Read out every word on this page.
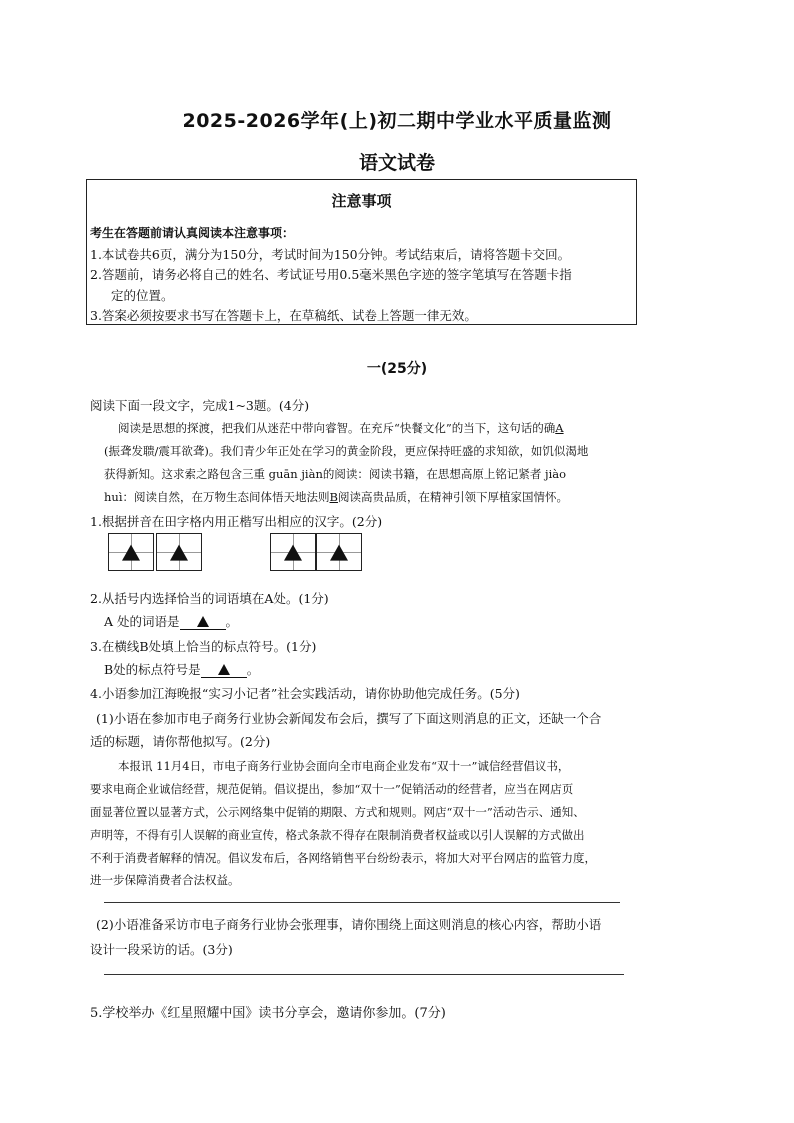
2025-2026学年(上)初二期中学业水平质量监测
语文试卷
注意事项
考生在答题前请认真阅读本注意事项：
1.本试卷共6页，满分为150分，考试时间为150分钟。考试结束后，请将答题卡交回。
2.答题前，请务必将自己的姓名、考试证号用0.5毫米黑色字迹的签字笔填写在答题卡指
定的位置。
3.答案必须按要求书写在答题卡上，在草稿纸、试卷上答题一律无效。
一(25分)
阅读下面一段文字，完成1~3题。(4分)
阅读是思想的探渡，把我们从迷茫中带向睿智。在充斥“快餐文化”的当下，这句话的确A
(振聋发聩/震耳欲聋)。我们青少年正处在学习的黄金阶段，更应保持旺盛的求知欲，如饥似渴地
获得新知。这求索之路包含三重 guān jiàn的阅读：阅读书籍，在思想高原上铭记紧者 jiào
huì：阅读自然，在万物生态间体悟天地法则B阅读高贵品质，在精神引领下厚植家国情怀。
1.根据拼音在田字格内用正楷写出相应的汉字。(2分)
2.从括号内选择恰当的词语填在A处。(1分)
A 处的词语是	。
3.在横线B处填上恰当的标点符号。(1分)
B处的标点符号是	。
4.小语参加江海晚报“实习小记者”社会实践活动，请你协助他完成任务。(5分)
(1)小语在参加市电子商务行业协会新闻发布会后，撰写了下面这则消息的正文，还缺一个合
适的标题，请你帮他拟写。(2分)
本报讯 11月4日，市电子商务行业协会面向全市电商企业发布“双十一”诚信经营倡议书，
要求电商企业诚信经营，规范促销。倡议提出，参加“双十一”促销活动的经营者，应当在网店页
面显著位置以显著方式，公示网络集中促销的期限、方式和规则。网店“双十一”活动告示、通知、
声明等，不得有引人误解的商业宣传，格式条款不得存在限制消费者权益或以引人误解的方式做出
不利于消费者解释的情况。倡议发布后，各网络销售平台纷纷表示，将加大对平台网店的监管力度，
进一步保障消费者合法权益。
(2)小语准备采访市电子商务行业协会张理事，请你围绕上面这则消息的核心内容，帮助小语
设计一段采访的话。(3分)
5.学校举办《红星照耀中国》读书分享会，邀请你参加。(7分)
